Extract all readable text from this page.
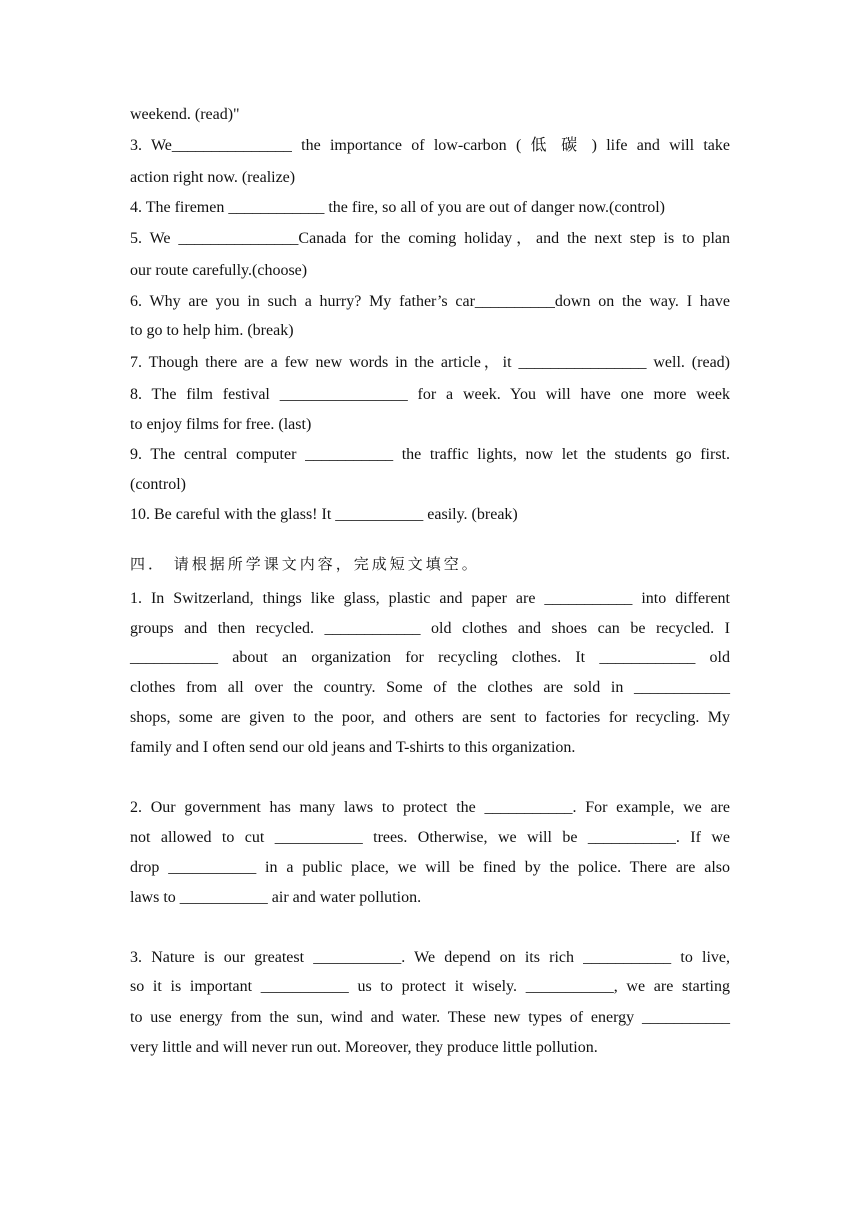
weekend. (read)"
3. We_______________ the importance of low-carbon ( 低 碳 ) life and will take
action right now. (realize)
4. The firemen ____________ the fire, so all of you are out of danger now.(control)
5. We _______________Canada for the coming holiday，and the next step is to plan
our route carefully.(choose)
6. Why are you in such a hurry? My father’s car__________down on the way. I have
to go to help him. (break)
7. Though there are a few new words in the article，it ________________ well. (read)
8. The film festival ________________ for a week. You will have one more week
to enjoy films for free. (last)
9. The central computer ___________ the traffic lights, now let the students go first.
(control)
10. Be careful with the glass! It ___________ easily. (break)
四． 请根据所学课文内容，完成短文填空。
1. In Switzerland, things like glass, plastic and paper are ___________ into different
groups and then recycled. ____________ old clothes and shoes can be recycled. I
___________ about an organization for recycling clothes. It ____________ old
clothes from all over the country. Some of the clothes are sold in ____________
shops, some are given to the poor, and others are sent to factories for recycling. My
family and I often send our old jeans and T-shirts to this organization.
2. Our government has many laws to protect the ___________. For example, we are
not allowed to cut ___________ trees. Otherwise, we will be ___________. If we
drop ___________ in a public place, we will be fined by the police. There are also
laws to ___________ air and water pollution.
3. Nature is our greatest ___________. We depend on its rich ___________ to live,
so it is important ___________ us to protect it wisely. ___________, we are starting
to use energy from the sun, wind and water. These new types of energy ___________
very little and will never run out. Moreover, they produce little pollution.
